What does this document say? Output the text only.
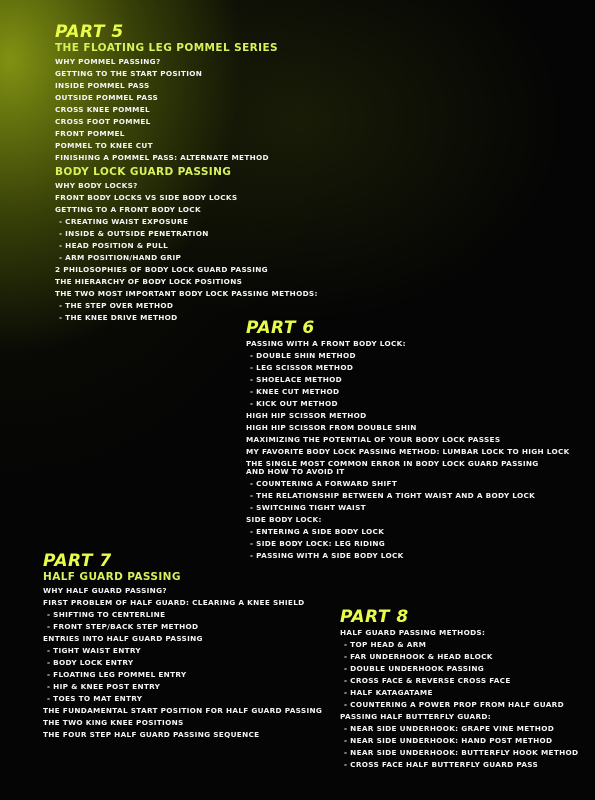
PART 5
THE FLOATING LEG POMMEL SERIES
WHY POMMEL PASSING?
GETTING TO THE START POSITION
INSIDE POMMEL PASS
OUTSIDE POMMEL PASS
CROSS KNEE POMMEL
CROSS FOOT POMMEL
FRONT POMMEL
POMMEL TO KNEE CUT
FINISHING A POMMEL PASS: ALTERNATE METHOD
BODY LOCK GUARD PASSING
WHY BODY LOCKS?
FRONT BODY LOCKS VS SIDE BODY LOCKS
GETTING TO A FRONT BODY LOCK
- CREATING WAIST EXPOSURE
- INSIDE & OUTSIDE PENETRATION
- HEAD POSITION & PULL
- ARM POSITION/HAND GRIP
2 PHILOSOPHIES OF BODY LOCK GUARD PASSING
THE HIERARCHY OF BODY LOCK POSITIONS
THE TWO MOST IMPORTANT BODY LOCK PASSING METHODS:
- THE STEP OVER METHOD
- THE KNEE DRIVE METHOD
PART 6
PASSING WITH A FRONT BODY LOCK:
- DOUBLE SHIN METHOD
- LEG SCISSOR METHOD
- SHOELACE METHOD
- KNEE CUT METHOD
- KICK OUT METHOD
HIGH HIP SCISSOR METHOD
HIGH HIP SCISSOR FROM DOUBLE SHIN
MAXIMIZING THE POTENTIAL OF YOUR BODY LOCK PASSES
MY FAVORITE BODY LOCK PASSING METHOD: LUMBAR LOCK TO HIGH LOCK
THE SINGLE MOST COMMON ERROR IN BODY LOCK GUARD PASSING AND HOW TO AVOID IT
- COUNTERING A FORWARD SHIFT
- THE RELATIONSHIP BETWEEN A TIGHT WAIST AND A BODY LOCK
- SWITCHING TIGHT WAIST
SIDE BODY LOCK:
- ENTERING A SIDE BODY LOCK
- SIDE BODY LOCK: LEG RIDING
- PASSING WITH A SIDE BODY LOCK
PART 7
HALF GUARD PASSING
WHY HALF GUARD PASSING?
FIRST PROBLEM OF HALF GUARD: CLEARING A KNEE SHIELD
- SHIFTING TO CENTERLINE
- FRONT STEP/BACK STEP METHOD
ENTRIES INTO HALF GUARD PASSING
- TIGHT WAIST ENTRY
- BODY LOCK ENTRY
- FLOATING LEG POMMEL ENTRY
- HIP & KNEE POST ENTRY
- TOES TO MAT ENTRY
THE FUNDAMENTAL START POSITION FOR HALF GUARD PASSING
THE TWO KING KNEE POSITIONS
THE FOUR STEP HALF GUARD PASSING SEQUENCE
PART 8
HALF GUARD PASSING METHODS:
- TOP HEAD & ARM
- FAR UNDERHOOK & HEAD BLOCK
- DOUBLE UNDERHOOK PASSING
- CROSS FACE & REVERSE CROSS FACE
- HALF KATAGATAME
- COUNTERING A POWER PROP FROM HALF GUARD
PASSING HALF BUTTERFLY GUARD:
- NEAR SIDE UNDERHOOK: GRAPE VINE METHOD
- NEAR SIDE UNDERHOOK: HAND POST METHOD
- NEAR SIDE UNDERHOOK: BUTTERFLY HOOK METHOD
- CROSS FACE HALF BUTTERFLY GUARD PASS
